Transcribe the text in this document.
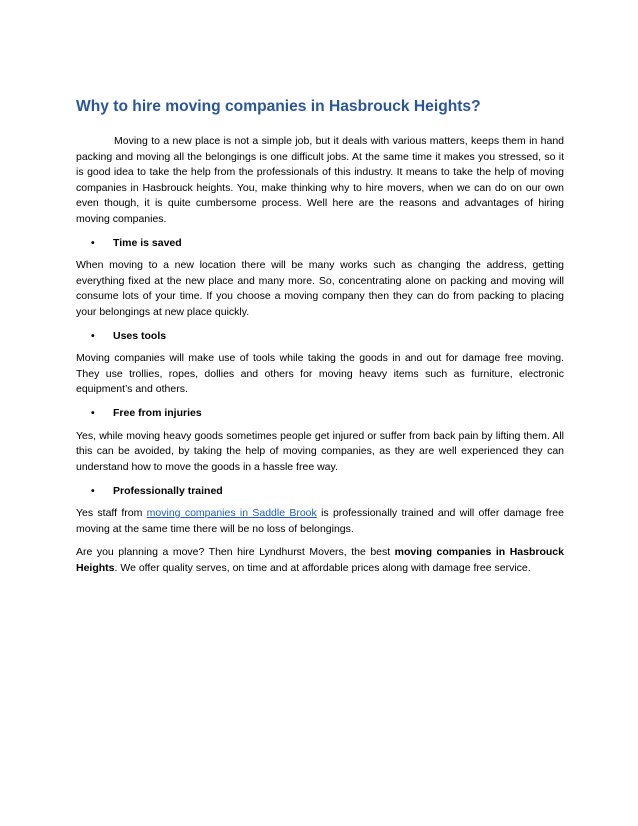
Why to hire moving companies in Hasbrouck Heights?

Moving to a new place is not a simple job, but it deals with various matters, keeps them in hand packing and moving all the belongings is one difficult jobs. At the same time it makes you stressed, so it is good idea to take the help from the professionals of this industry. It means to take the help of moving companies in Hasbrouck heights. You, make thinking why to hire movers, when we can do on our own even though, it is quite cumbersome process. Well here are the reasons and advantages of hiring moving companies.

•	Time is saved

When moving to a new location there will be many works such as changing the address, getting everything fixed at the new place and many more. So, concentrating alone on packing and moving will consume lots of your time. If you choose a moving company then they can do from packing to placing your belongings at new place quickly.

•	Uses tools

Moving companies will make use of tools while taking the goods in and out for damage free moving. They use trollies, ropes, dollies and others for moving heavy items such as furniture, electronic equipment’s and others.

•	Free from injuries

Yes, while moving heavy goods sometimes people get injured or suffer from back pain by lifting them. All this can be avoided, by taking the help of moving companies, as they are well experienced they can understand how to move the goods in a hassle free way.

•	Professionally trained

Yes staff from moving companies in Saddle Brook is professionally trained and will offer damage free moving at the same time there will be no loss of belongings.

Are you planning a move? Then hire Lyndhurst Movers, the best moving companies in Hasbrouck Heights. We offer quality serves, on time and at affordable prices along with damage free service.
